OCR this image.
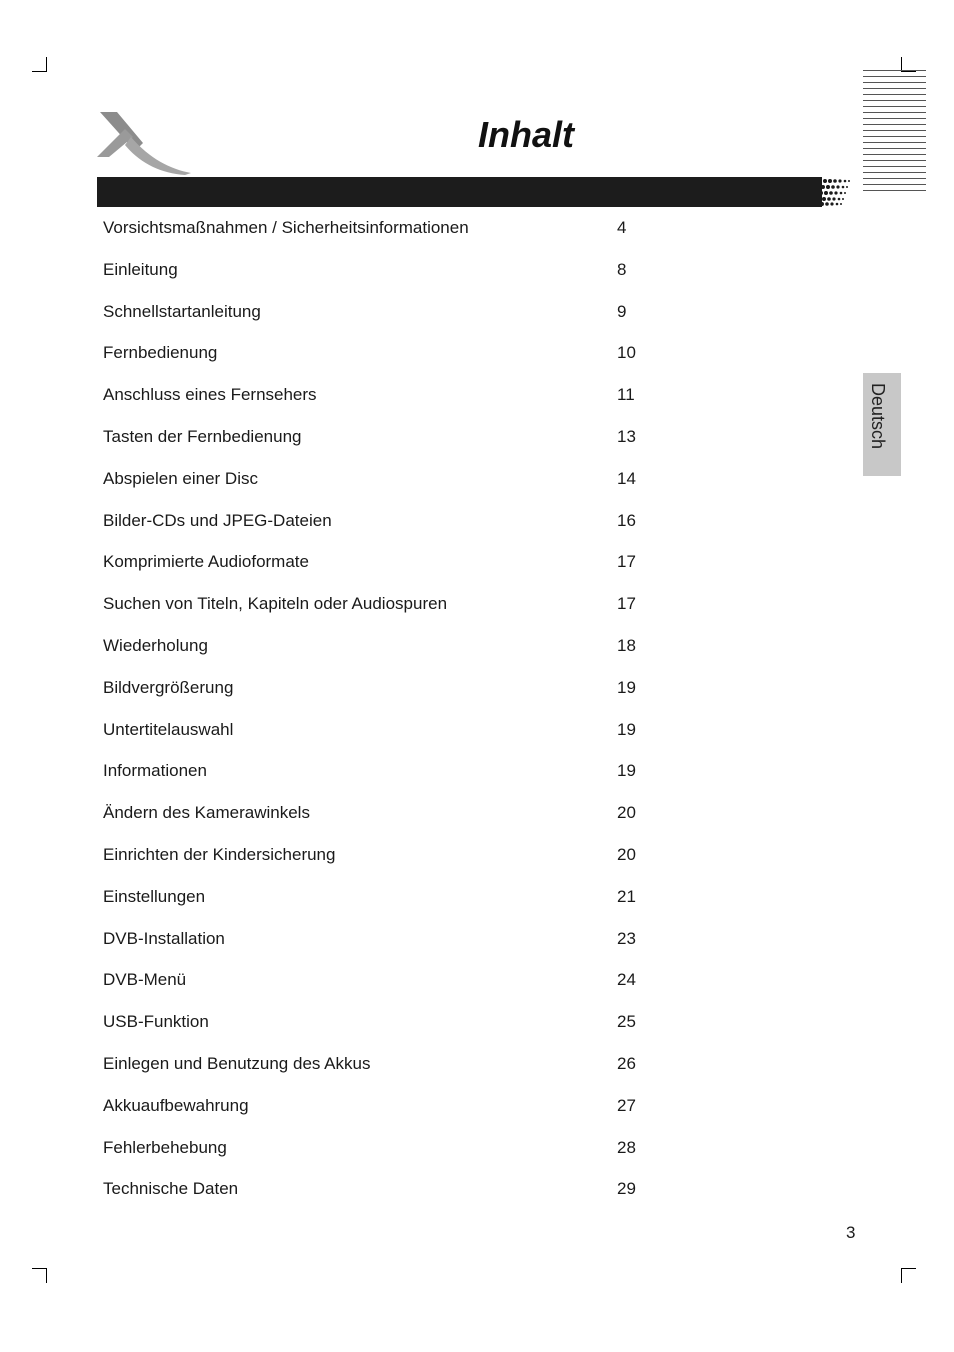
Inhalt
Deutsch
Vorsichtsmaßnahmen / Sicherheitsinformationen	4
Einleitung	8
Schnellstartanleitung	9
Fernbedienung	10
Anschluss eines Fernsehers	11
Tasten der Fernbedienung	13
Abspielen einer Disc	14
Bilder-CDs und JPEG-Dateien	16
Komprimierte Audioformate	17
Suchen von Titeln, Kapiteln oder Audiospuren	17
Wiederholung	18
Bildvergrößerung	19
Untertitelauswahl	19
Informationen	19
Ändern des Kamerawinkels	20
Einrichten der Kindersicherung	20
Einstellungen	21
DVB-Installation	23
DVB-Menü	24
USB-Funktion	25
Einlegen und Benutzung des Akkus	26
Akkuaufbewahrung	27
Fehlerbehebung	28
Technische Daten	29
3
